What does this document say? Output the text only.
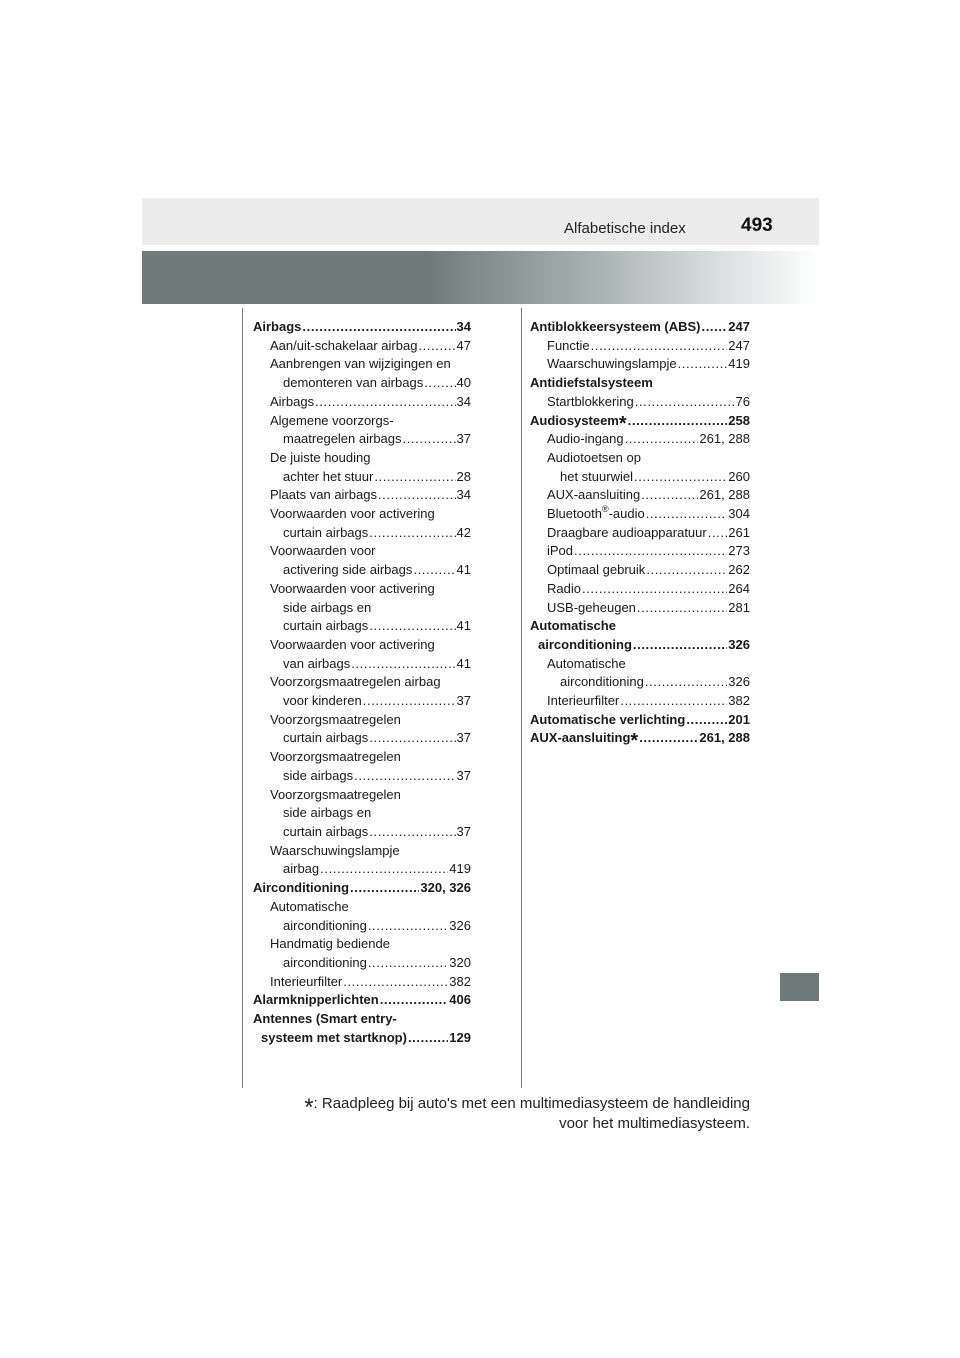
Alfabetische index	493
Airbags .....	34
Aan/uit-schakelaar airbag .....	47
Aanbrengen van wijzigingen en
demonteren van airbags .....	40
Airbags .....	34
Algemene voorzorgs-
maatregelen airbags .....	37
De juiste houding
achter het stuur .....	28
Plaats van airbags .....	34
Voorwaarden voor activering
curtain airbags .....	42
Voorwaarden voor
activering side airbags .....	41
Voorwaarden voor activering
side airbags en
curtain airbags .....	41
Voorwaarden voor activering
van airbags .....	41
Voorzorgsmaatregelen airbag
voor kinderen .....	37
Voorzorgsmaatregelen
curtain airbags .....	37
Voorzorgsmaatregelen
side airbags .....	37
Voorzorgsmaatregelen
side airbags en
curtain airbags .....	37
Waarschuwingslampje
airbag .....	419
Airconditioning .....	320, 326
Automatische
airconditioning .....	326
Handmatig bediende
airconditioning .....	320
Interieurfilter .....	382
Alarmknipperlichten .....	406
Antennes (Smart entry-
systeem met startknop) .....	129
Antiblokkeersysteem (ABS) ..... 247
Functie .....	247
Waarschuwingslampje .....	419
Antidiefstalsysteem
Startblokkering .....	76
Audiosysteem* .....	258
Audio-ingang .....	261, 288
Audiotoetsen op
het stuurwiel .....	260
AUX-aansluiting .....	261, 288
Bluetooth®-audio .....	304
Draagbare audioapparatuur ..... 261
iPod .....	273
Optimaal gebruik .....	262
Radio .....	264
USB-geheugen .....	281
Automatische
airconditioning .....	326
Automatische
airconditioning .....	326
Interieurfilter .....	382
Automatische verlichting .....	201
AUX-aansluiting* .....	261, 288
*: Raadpleeg bij auto's met een multimediasysteem de handleiding
voor het multimediasysteem.
